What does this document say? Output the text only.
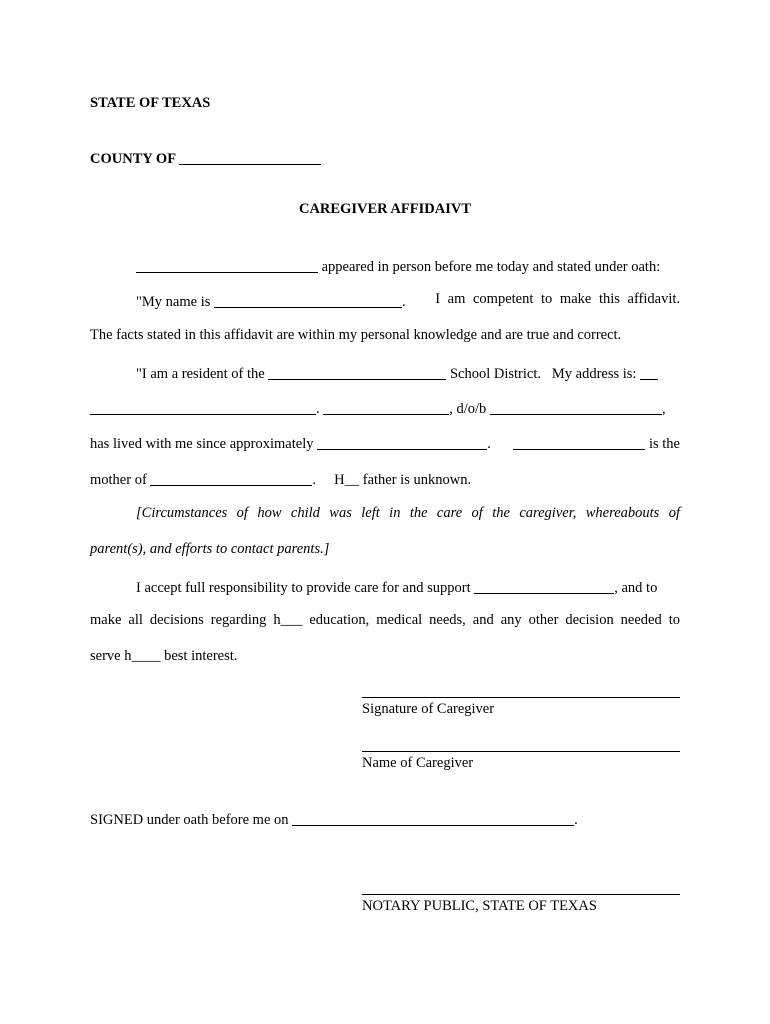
STATE OF TEXAS
COUNTY OF
CAREGIVER AFFIDAIVT
appeared in person before me today and stated under oath:
"My name is	. I am competent to make this affidavit.
The facts stated in this affidavit are within my personal knowledge and are true and correct.
"I am a resident of the	School District. My address is:
.	, d/o/b	,
has lived with me since approximately	.	is the
mother of	. H__ father is unknown.
[Circumstances of how child was left in the care of the caregiver, whereabouts of
parent(s), and efforts to contact parents.]
I accept full responsibility to provide care for and support	, and to
make all decisions regarding h___ education, medical needs, and any other decision needed to
serve h____ best interest.
Signature of Caregiver
Name of Caregiver
SIGNED under oath before me on	.
NOTARY PUBLIC, STATE OF TEXAS
